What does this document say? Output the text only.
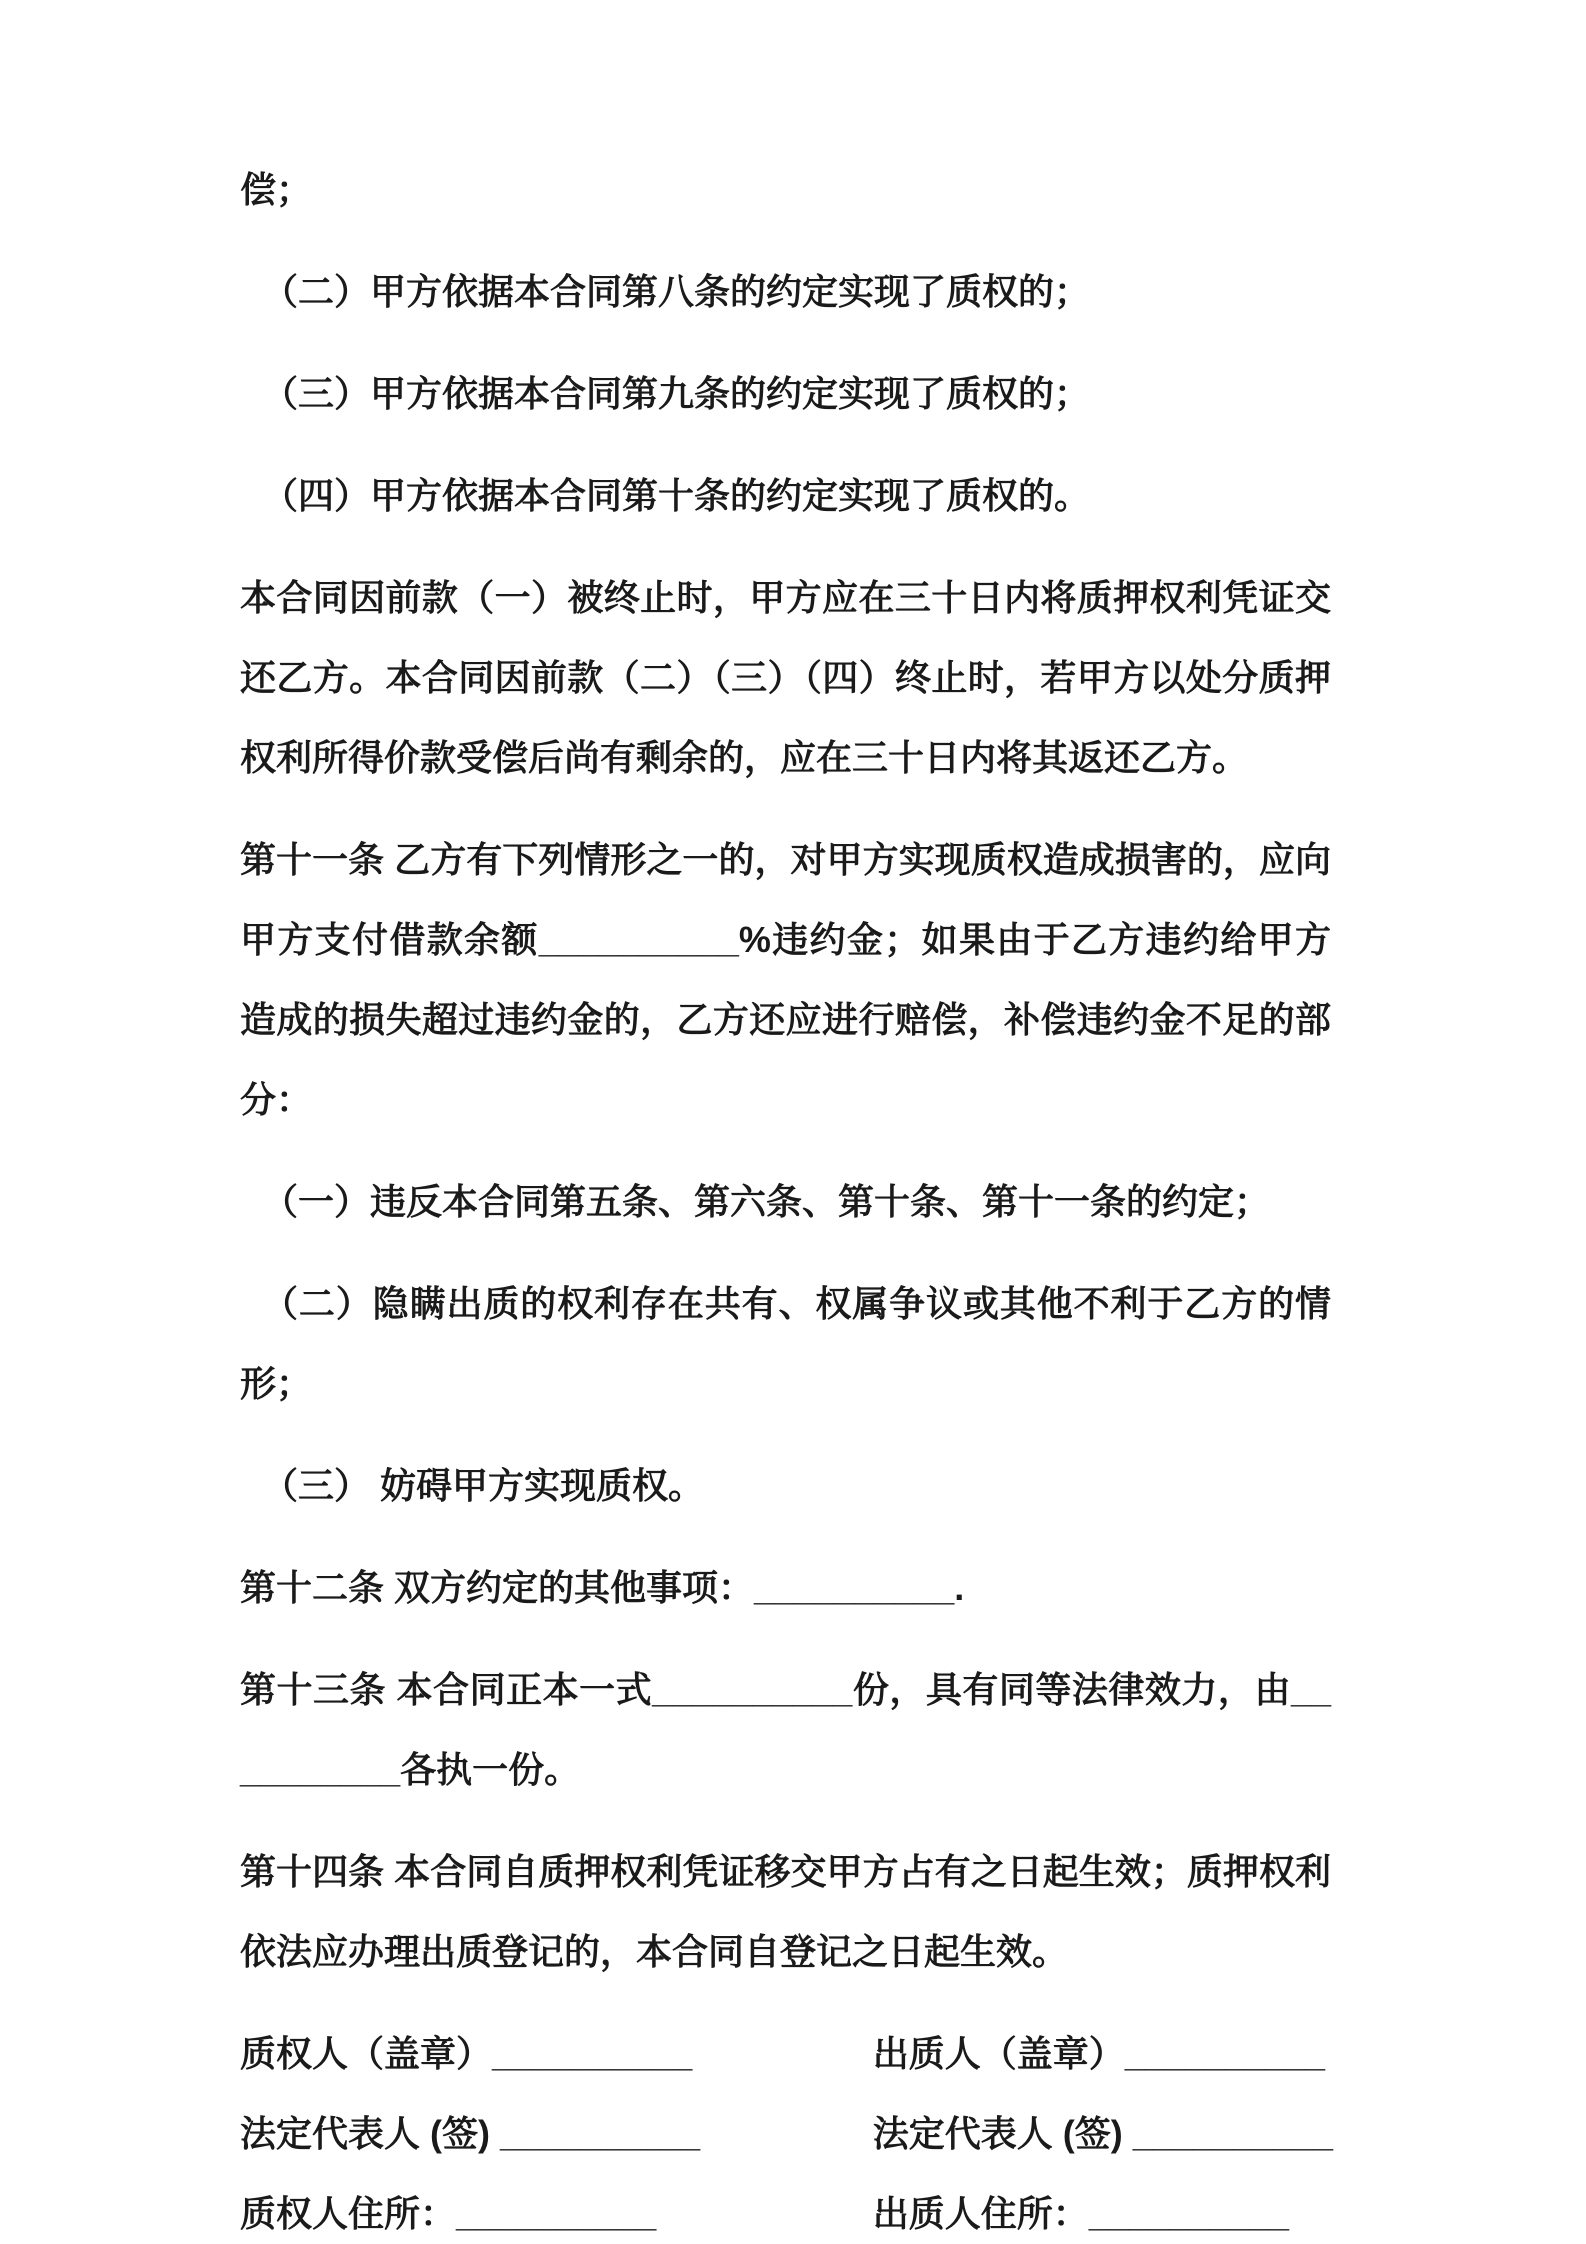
偿；

（二）甲方依据本合同第八条的约定实现了质权的；

（三）甲方依据本合同第九条的约定实现了质权的；

（四）甲方依据本合同第十条的约定实现了质权的。

本合同因前款（一）被终止时，甲方应在三十日内将质押权利凭证交还乙方。本合同因前款（二）（三）（四）终止时，若甲方以处分质押权利所得价款受偿后尚有剩余的，应在三十日内将其返还乙方。

第十一条 乙方有下列情形之一的，对甲方实现质权造成损害的，应向甲方支付借款余额__________%违约金；如果由于乙方违约给甲方造成的损失超过违约金的，乙方还应进行赔偿，补偿违约金不足的部分：

（一）违反本合同第五条、第六条、第十条、第十一条的约定；

（二）隐瞒出质的权利存在共有、权属争议或其他不利于乙方的情形；

（三） 妨碍甲方实现质权。

第十二条 双方约定的其他事项：__________.

第十三条 本合同正本一式__________份，具有同等法律效力，由__________各执一份。

第十四条 本合同自质押权利凭证移交甲方占有之日起生效；质押权利依法应办理出质登记的，本合同自登记之日起生效。

质权人（盖章）__________	出质人（盖章）__________
法定代表人 (签) __________	法定代表人 (签) __________
质权人住所：__________	出质人住所：__________
